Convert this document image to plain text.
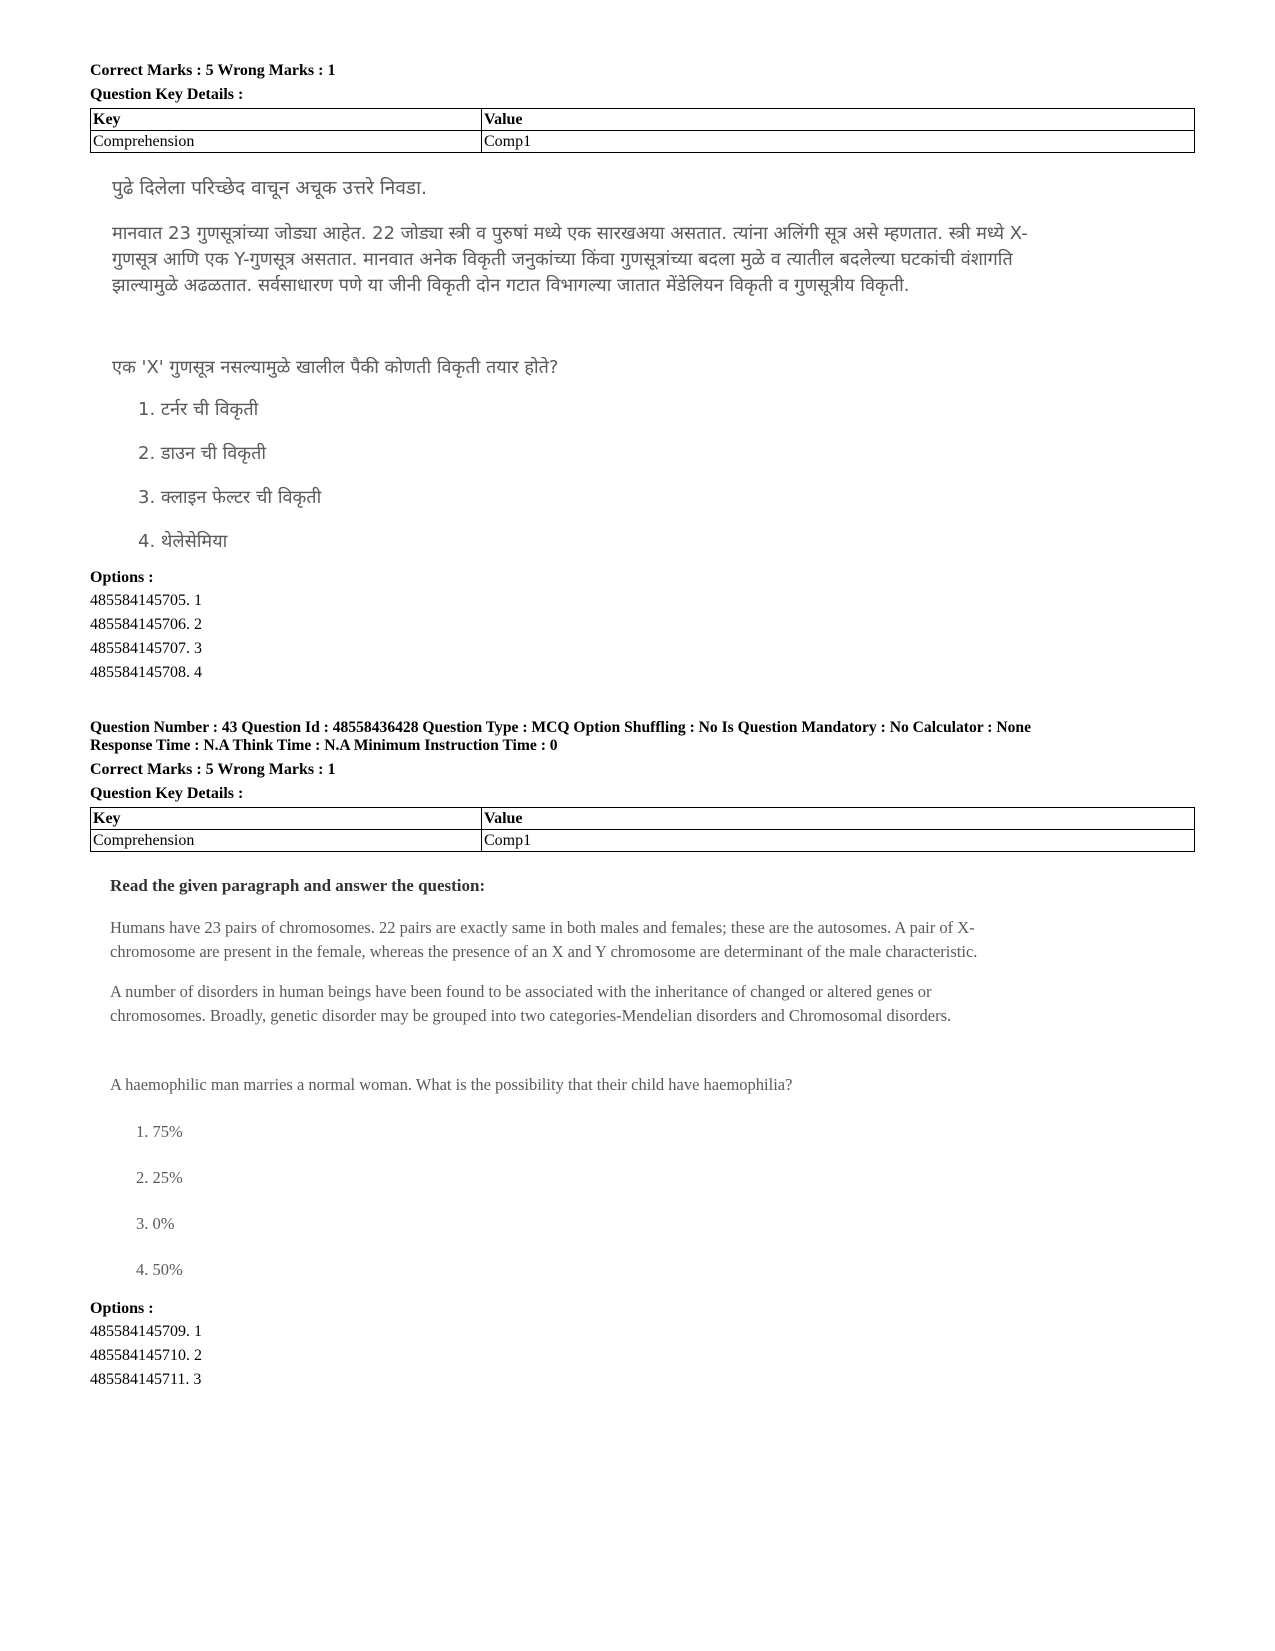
Correct Marks : 5 Wrong Marks : 1
Question Key Details :
Key	Value
Comprehension	Comp1

पुढे दिलेला परिच्छेद वाचून अचूक उत्तरे निवडा.

मानवात 23 गुणसूत्रांच्या जोड्या आहेत. 22 जोड्या स्त्री व पुरुषां मध्ये एक सारखअया असतात. त्यांना अलिंगी सूत्र असे म्हणतात. स्त्री मध्ये X-गुणसूत्र आणि एक Y-गुणसूत्र असतात. मानवात अनेक विकृती जनुकांच्या किंवा गुणसूत्रांच्या बदला मुळे व त्यातील बदलेल्या घटकांची वंशागति झाल्यामुळे अढळतात. सर्वसाधारण पणे या जीनी विकृती दोन गटात विभागल्या जातात मेंडेलियन विकृती व गुणसूत्रीय विकृती.

एक 'X' गुणसूत्र नसल्यामुळे खालील पैकी कोणती विकृती तयार होते?

1. टर्नर ची विकृती

2. डाउन ची विकृती

3. क्लाइन फेल्टर ची विकृती

4. थेलेसेमिया

Options :
485584145705. 1
485584145706. 2
485584145707. 3
485584145708. 4
Question Number : 43 Question Id : 48558436428 Question Type : MCQ Option Shuffling : No Is Question Mandatory : No Calculator : None
Response Time : N.A Think Time : N.A Minimum Instruction Time : 0
Correct Marks : 5 Wrong Marks : 1
Question Key Details :
Key	Value
Comprehension	Comp1

Read the given paragraph and answer the question:

Humans have 23 pairs of chromosomes. 22 pairs are exactly same in both males and females; these are the autosomes. A pair of X-chromosome are present in the female, whereas the presence of an X and Y chromosome are determinant of the male characteristic.

A number of disorders in human beings have been found to be associated with the inheritance of changed or altered genes or chromosomes. Broadly, genetic disorder may be grouped into two categories-Mendelian disorders and Chromosomal disorders.

A haemophilic man marries a normal woman. What is the possibility that their child have haemophilia?

1. 75%

2. 25%

3. 0%

4. 50%

Options :
485584145709. 1
485584145710. 2
485584145711. 3
